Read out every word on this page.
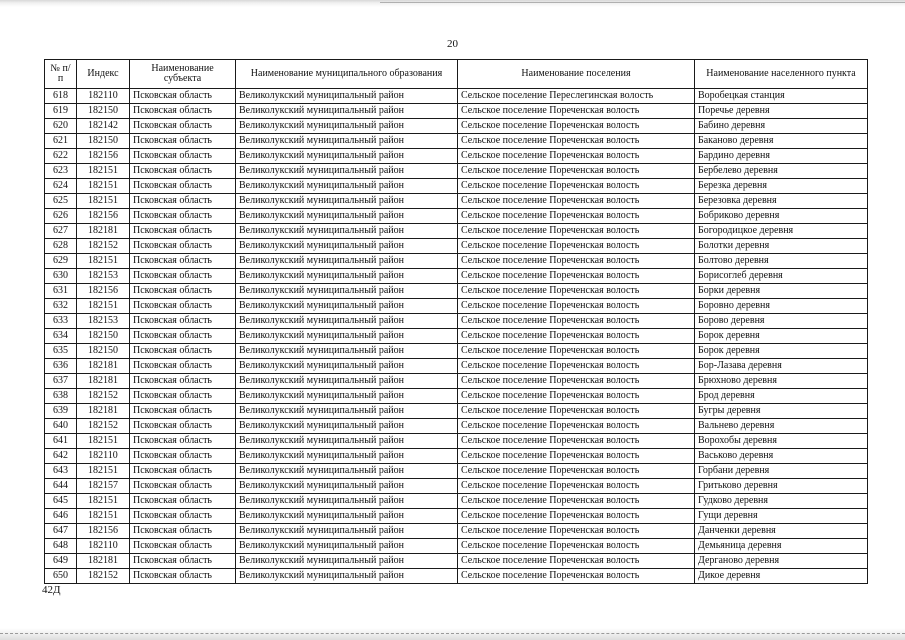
20
№ п/п	Индекс	Наименование субъекта	Наименование муниципального образования	Наименование поселения	Наименование населенного пункта
618	182110	Псковская область	Великолукский муниципальный район	Сельское поселение Переслегинская волость	Воробецкая станция
619	182150	Псковская область	Великолукский муниципальный район	Сельское поселение Пореченская волость	Поречье деревня
620	182142	Псковская область	Великолукский муниципальный район	Сельское поселение Пореченская волость	Бабино деревня
621	182150	Псковская область	Великолукский муниципальный район	Сельское поселение Пореченская волость	Баканово деревня
622	182156	Псковская область	Великолукский муниципальный район	Сельское поселение Пореченская волость	Бардино деревня
623	182151	Псковская область	Великолукский муниципальный район	Сельское поселение Пореченская волость	Бербелево деревня
624	182151	Псковская область	Великолукский муниципальный район	Сельское поселение Пореченская волость	Березка деревня
625	182151	Псковская область	Великолукский муниципальный район	Сельское поселение Пореченская волость	Березовка деревня
626	182156	Псковская область	Великолукский муниципальный район	Сельское поселение Пореченская волость	Бобриково деревня
627	182181	Псковская область	Великолукский муниципальный район	Сельское поселение Пореченская волость	Богородицкое деревня
628	182152	Псковская область	Великолукский муниципальный район	Сельское поселение Пореченская волость	Болотки деревня
629	182151	Псковская область	Великолукский муниципальный район	Сельское поселение Пореченская волость	Болтово деревня
630	182153	Псковская область	Великолукский муниципальный район	Сельское поселение Пореченская волость	Борисоглеб деревня
631	182156	Псковская область	Великолукский муниципальный район	Сельское поселение Пореченская волость	Борки деревня
632	182151	Псковская область	Великолукский муниципальный район	Сельское поселение Пореченская волость	Боровно деревня
633	182153	Псковская область	Великолукский муниципальный район	Сельское поселение Пореченская волость	Борово деревня
634	182150	Псковская область	Великолукский муниципальный район	Сельское поселение Пореченская волость	Борок деревня
635	182150	Псковская область	Великолукский муниципальный район	Сельское поселение Пореченская волость	Борок деревня
636	182181	Псковская область	Великолукский муниципальный район	Сельское поселение Пореченская волость	Бор-Лазава деревня
637	182181	Псковская область	Великолукский муниципальный район	Сельское поселение Пореченская волость	Брюхново деревня
638	182152	Псковская область	Великолукский муниципальный район	Сельское поселение Пореченская волость	Брод деревня
639	182181	Псковская область	Великолукский муниципальный район	Сельское поселение Пореченская волость	Бугры деревня
640	182152	Псковская область	Великолукский муниципальный район	Сельское поселение Пореченская волость	Вальнево деревня
641	182151	Псковская область	Великолукский муниципальный район	Сельское поселение Пореченская волость	Ворохобы деревня
642	182110	Псковская область	Великолукский муниципальный район	Сельское поселение Пореченская волость	Васьково деревня
643	182151	Псковская область	Великолукский муниципальный район	Сельское поселение Пореченская волость	Горбани деревня
644	182157	Псковская область	Великолукский муниципальный район	Сельское поселение Пореченская волость	Гритьково деревня
645	182151	Псковская область	Великолукский муниципальный район	Сельское поселение Пореченская волость	Гудково деревня
646	182151	Псковская область	Великолукский муниципальный район	Сельское поселение Пореченская волость	Гущи деревня
647	182156	Псковская область	Великолукский муниципальный район	Сельское поселение Пореченская волость	Данченки деревня
648	182110	Псковская область	Великолукский муниципальный район	Сельское поселение Пореченская волость	Демьяница деревня
649	182181	Псковская область	Великолукский муниципальный район	Сельское поселение Пореченская волость	Дерганово деревня
650	182152	Псковская область	Великолукский муниципальный район	Сельское поселение Пореченская волость	Дикое деревня
42Д
